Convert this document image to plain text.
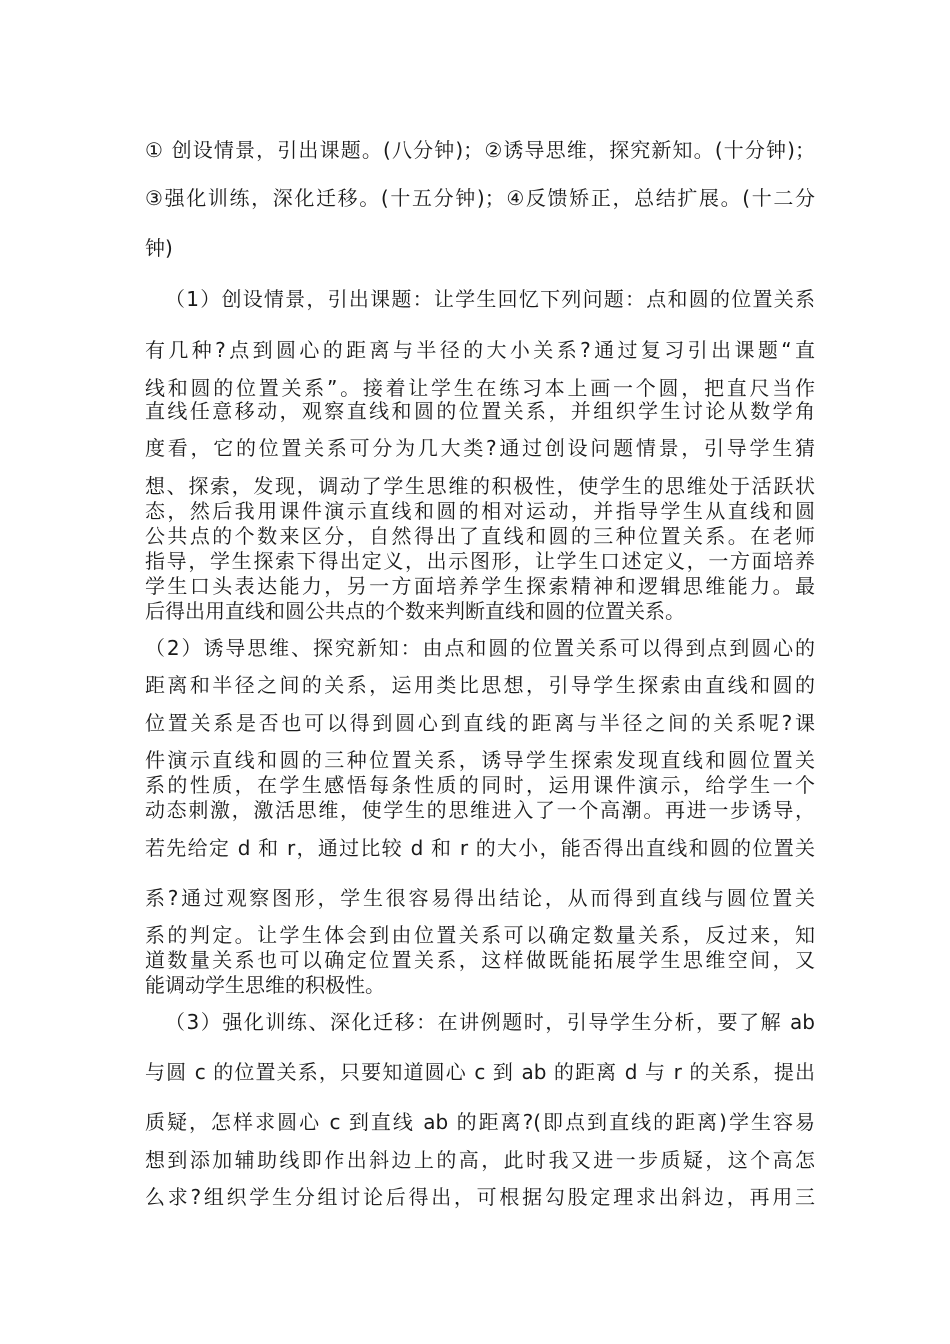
① 创设情景，引出课题。(八分钟)；②诱导思维，探究新知。(十分钟)；
③强化训练，深化迁移。(十五分钟)；④反馈矫正，总结扩展。(十二分
钟)
（1）创设情景，引出课题：让学生回忆下列问题：点和圆的位置关系
有几种?点到圆心的距离与半径的大小关系?通过复习引出课题“直
线和圆的位置关系”。接着让学生在练习本上画一个圆，把直尺当作
直线任意移动，观察直线和圆的位置关系，并组织学生讨论从数学角
度看，它的位置关系可分为几大类?通过创设问题情景，引导学生猜
想、探索，发现，调动了学生思维的积极性，使学生的思维处于活跃状
态，然后我用课件演示直线和圆的相对运动，并指导学生从直线和圆
公共点的个数来区分，自然得出了直线和圆的三种位置关系。在老师
指导，学生探索下得出定义，出示图形，让学生口述定义，一方面培养
学生口头表达能力，另一方面培养学生探索精神和逻辑思维能力。最
后得出用直线和圆公共点的个数来判断直线和圆的位置关系。
（2）诱导思维、探究新知：由点和圆的位置关系可以得到点到圆心的
距离和半径之间的关系，运用类比思想，引导学生探索由直线和圆的
位置关系是否也可以得到圆心到直线的距离与半径之间的关系呢?课
件演示直线和圆的三种位置关系，诱导学生探索发现直线和圆位置关
系的性质，在学生感悟每条性质的同时，运用课件演示，给学生一个
动态刺激，激活思维，使学生的思维进入了一个高潮。再进一步诱导，
若先给定 d 和 r，通过比较 d 和 r 的大小，能否得出直线和圆的位置关
系?通过观察图形，学生很容易得出结论，从而得到直线与圆位置关
系的判定。让学生体会到由位置关系可以确定数量关系，反过来，知
道数量关系也可以确定位置关系，这样做既能拓展学生思维空间，又
能调动学生思维的积极性。
（3）强化训练、深化迁移：在讲例题时，引导学生分析，要了解 ab
与圆 c 的位置关系，只要知道圆心 c 到 ab 的距离 d 与 r 的关系，提出
质疑，怎样求圆心 c 到直线 ab 的距离?(即点到直线的距离)学生容易
想到添加辅助线即作出斜边上的高，此时我又进一步质疑，这个高怎
么求?组织学生分组讨论后得出，可根据勾股定理求出斜边，再用三
